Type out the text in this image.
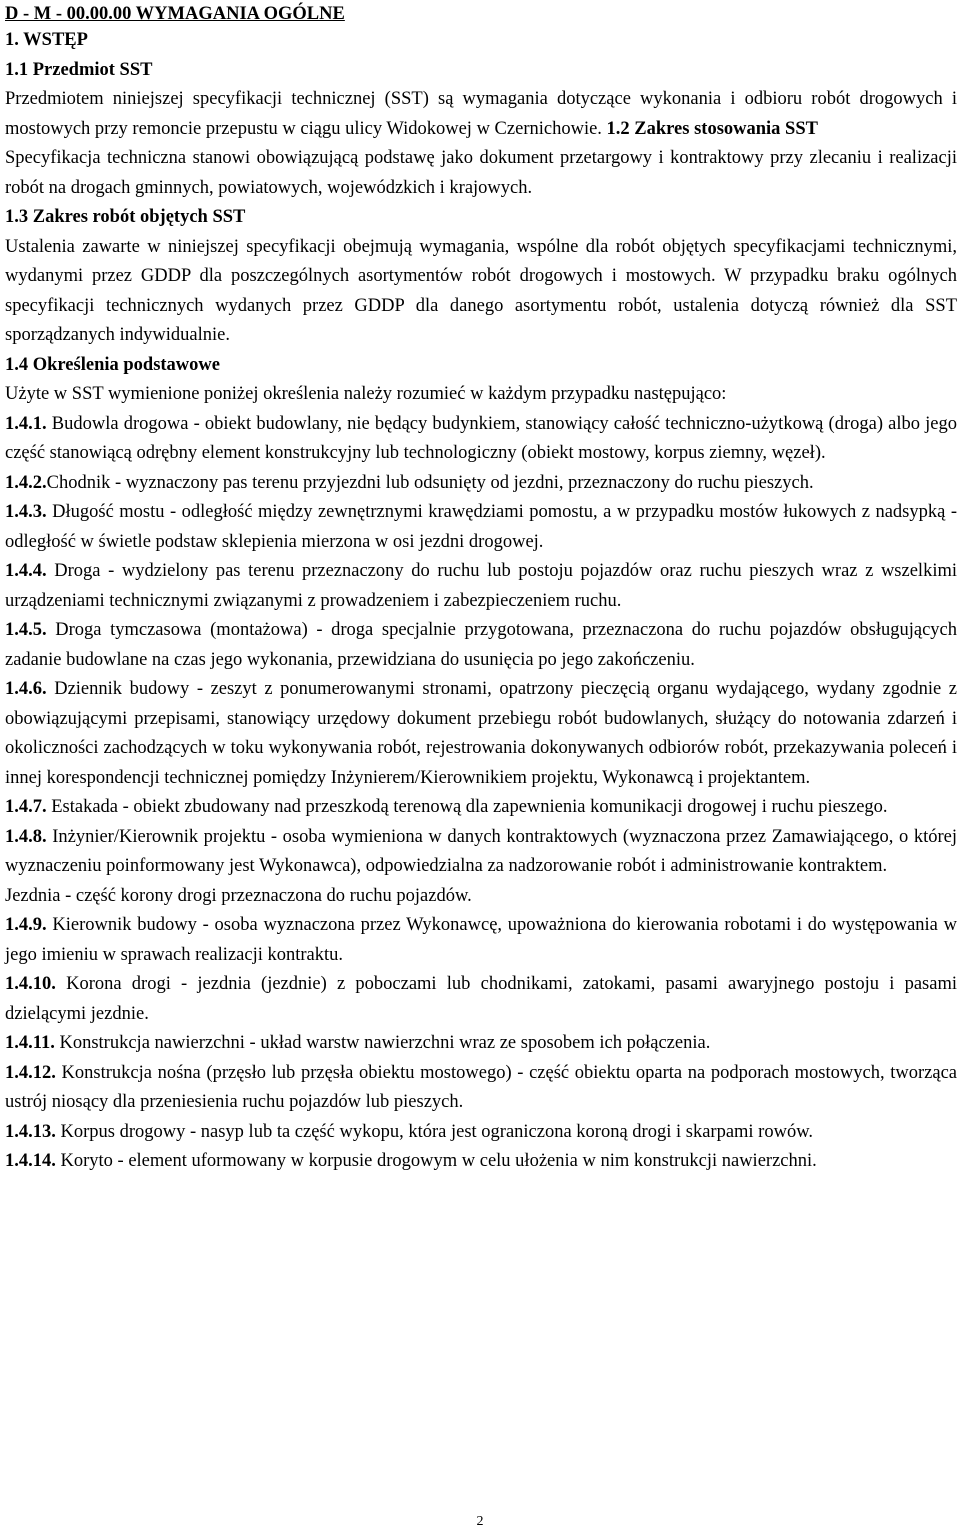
D - M - 00.00.00 WYMAGANIA OGÓLNE

1. WSTĘP

1.1 Przedmiot SST

Przedmiotem niniejszej specyfikacji technicznej (SST) są wymagania dotyczące wykonania i odbioru robót drogowych i mostowych przy remoncie przepustu w ciągu ulicy Widokowej w Czernichowie. 1.2 Zakres stosowania SST

Specyfikacja techniczna stanowi obowiązującą podstawę jako dokument przetargowy i kontraktowy przy zlecaniu i realizacji robót na drogach gminnych, powiatowych, wojewódzkich i krajowych.

1.3 Zakres robót objętych SST

Ustalenia zawarte w niniejszej specyfikacji obejmują wymagania, wspólne dla robót objętych specyfikacjami technicznymi, wydanymi przez GDDP dla poszczególnych asortymentów robót drogowych i mostowych. W przypadku braku ogólnych specyfikacji technicznych wydanych przez GDDP dla danego asortymentu robót, ustalenia dotyczą również dla SST sporządzanych indywidualnie.

1.4 Określenia podstawowe

Użyte w SST wymienione poniżej określenia należy rozumieć w każdym przypadku następująco:

1.4.1. Budowla drogowa - obiekt budowlany, nie będący budynkiem, stanowiący całość techniczno-użytkową (droga) albo jego część stanowiącą odrębny element konstrukcyjny lub technologiczny (obiekt mostowy, korpus ziemny, węzeł).

1.4.2.Chodnik - wyznaczony pas terenu przyjezdni lub odsunięty od jezdni, przeznaczony do ruchu pieszych.

1.4.3. Długość mostu - odległość między zewnętrznymi krawędziami pomostu, a w przypadku mostów łukowych z nadsypką - odległość w świetle podstaw sklepienia mierzona w osi jezdni drogowej.

1.4.4. Droga - wydzielony pas terenu przeznaczony do ruchu lub postoju pojazdów oraz ruchu pieszych wraz z wszelkimi urządzeniami technicznymi związanymi z prowadzeniem i zabezpieczeniem ruchu.

1.4.5. Droga tymczasowa (montażowa) - droga specjalnie przygotowana, przeznaczona do ruchu pojazdów obsługujących zadanie budowlane na czas jego wykonania, przewidziana do usunięcia po jego zakończeniu.

1.4.6. Dziennik budowy - zeszyt z ponumerowanymi stronami, opatrzony pieczęcią organu wydającego, wydany zgodnie z obowiązującymi przepisami, stanowiący urzędowy dokument przebiegu robót budowlanych, służący do notowania zdarzeń i okoliczności zachodzących w toku wykonywania robót, rejestrowania dokonywanych odbiorów robót, przekazywania poleceń i innej korespondencji technicznej pomiędzy Inżynierem/Kierownikiem projektu, Wykonawcą i projektantem.

1.4.7. Estakada - obiekt zbudowany nad przeszkodą terenową dla zapewnienia komunikacji drogowej i ruchu pieszego.

1.4.8. Inżynier/Kierownik projektu - osoba wymieniona w danych kontraktowych (wyznaczona przez Zamawiającego, o której wyznaczeniu poinformowany jest Wykonawca), odpowiedzialna za nadzorowanie robót i administrowanie kontraktem.

Jezdnia - część korony drogi przeznaczona do ruchu pojazdów.

1.4.9. Kierownik budowy - osoba wyznaczona przez Wykonawcę, upoważniona do kierowania robotami i do występowania w jego imieniu w sprawach realizacji kontraktu.

1.4.10. Korona drogi - jezdnia (jezdnie) z poboczami lub chodnikami, zatokami, pasami awaryjnego postoju i pasami dzielącymi jezdnie.

1.4.11. Konstrukcja nawierzchni - układ warstw nawierzchni wraz ze sposobem ich połączenia.

1.4.12. Konstrukcja nośna (przęsło lub przęsła obiektu mostowego) - część obiektu oparta na podporach mostowych, tworząca ustrój niosący dla przeniesienia ruchu pojazdów lub pieszych.

1.4.13. Korpus drogowy - nasyp lub ta część wykopu, która jest ograniczona koroną drogi i skarpami rowów.

1.4.14. Koryto - element uformowany w korpusie drogowym w celu ułożenia w nim konstrukcji nawierzchni.

2
